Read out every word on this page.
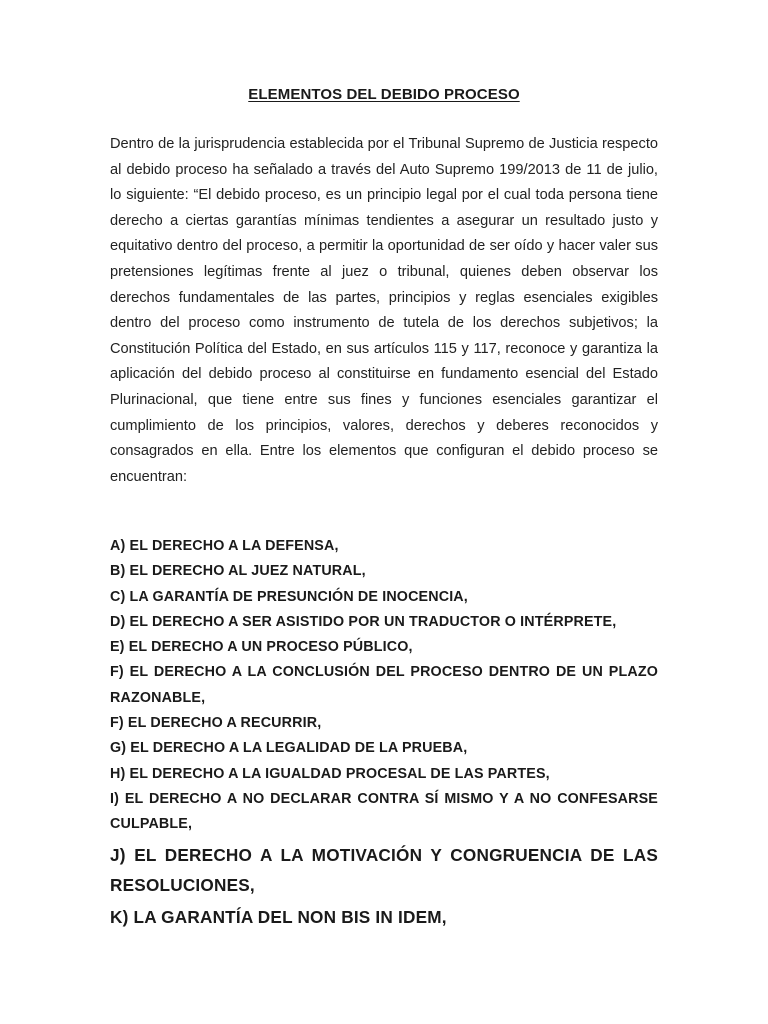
ELEMENTOS DEL DEBIDO PROCESO

Dentro de la jurisprudencia establecida por el Tribunal Supremo de Justicia respecto al debido proceso ha señalado a través del Auto Supremo 199/2013 de 11 de julio, lo siguiente: “El debido proceso, es un principio legal por el cual toda persona tiene derecho a ciertas garantías mínimas tendientes a asegurar un resultado justo y equitativo dentro del proceso, a permitir la oportunidad de ser oído y hacer valer sus pretensiones legítimas frente al juez o tribunal, quienes deben observar los derechos fundamentales de las partes, principios y reglas esenciales exigibles dentro del proceso como instrumento de tutela de los derechos subjetivos; la Constitución Política del Estado, en sus artículos 115 y 117, reconoce y garantiza la aplicación del debido proceso al constituirse en fundamento esencial del Estado Plurinacional, que tiene entre sus fines y funciones esenciales garantizar el cumplimiento de los principios, valores, derechos y deberes reconocidos y consagrados en ella. Entre los elementos que configuran el debido proceso se encuentran:

A) EL DERECHO A LA DEFENSA,
B) EL DERECHO AL JUEZ NATURAL,
C) LA GARANTÍA DE PRESUNCIÓN DE INOCENCIA,
D) EL DERECHO A SER ASISTIDO POR UN TRADUCTOR O INTÉRPRETE,
E) EL DERECHO A UN PROCESO PÚBLICO,
F) EL DERECHO A LA CONCLUSIÓN DEL PROCESO DENTRO DE UN PLAZO RAZONABLE,
F) EL DERECHO A RECURRIR,
G) EL DERECHO A LA LEGALIDAD DE LA PRUEBA,
H) EL DERECHO A LA IGUALDAD PROCESAL DE LAS PARTES,
I) EL DERECHO A NO DECLARAR CONTRA SÍ MISMO Y A NO CONFESARSE CULPABLE,
J) EL DERECHO A LA MOTIVACIÓN Y CONGRUENCIA DE LAS RESOLUCIONES,
K) LA GARANTÍA DEL NON BIS IN IDEM,
